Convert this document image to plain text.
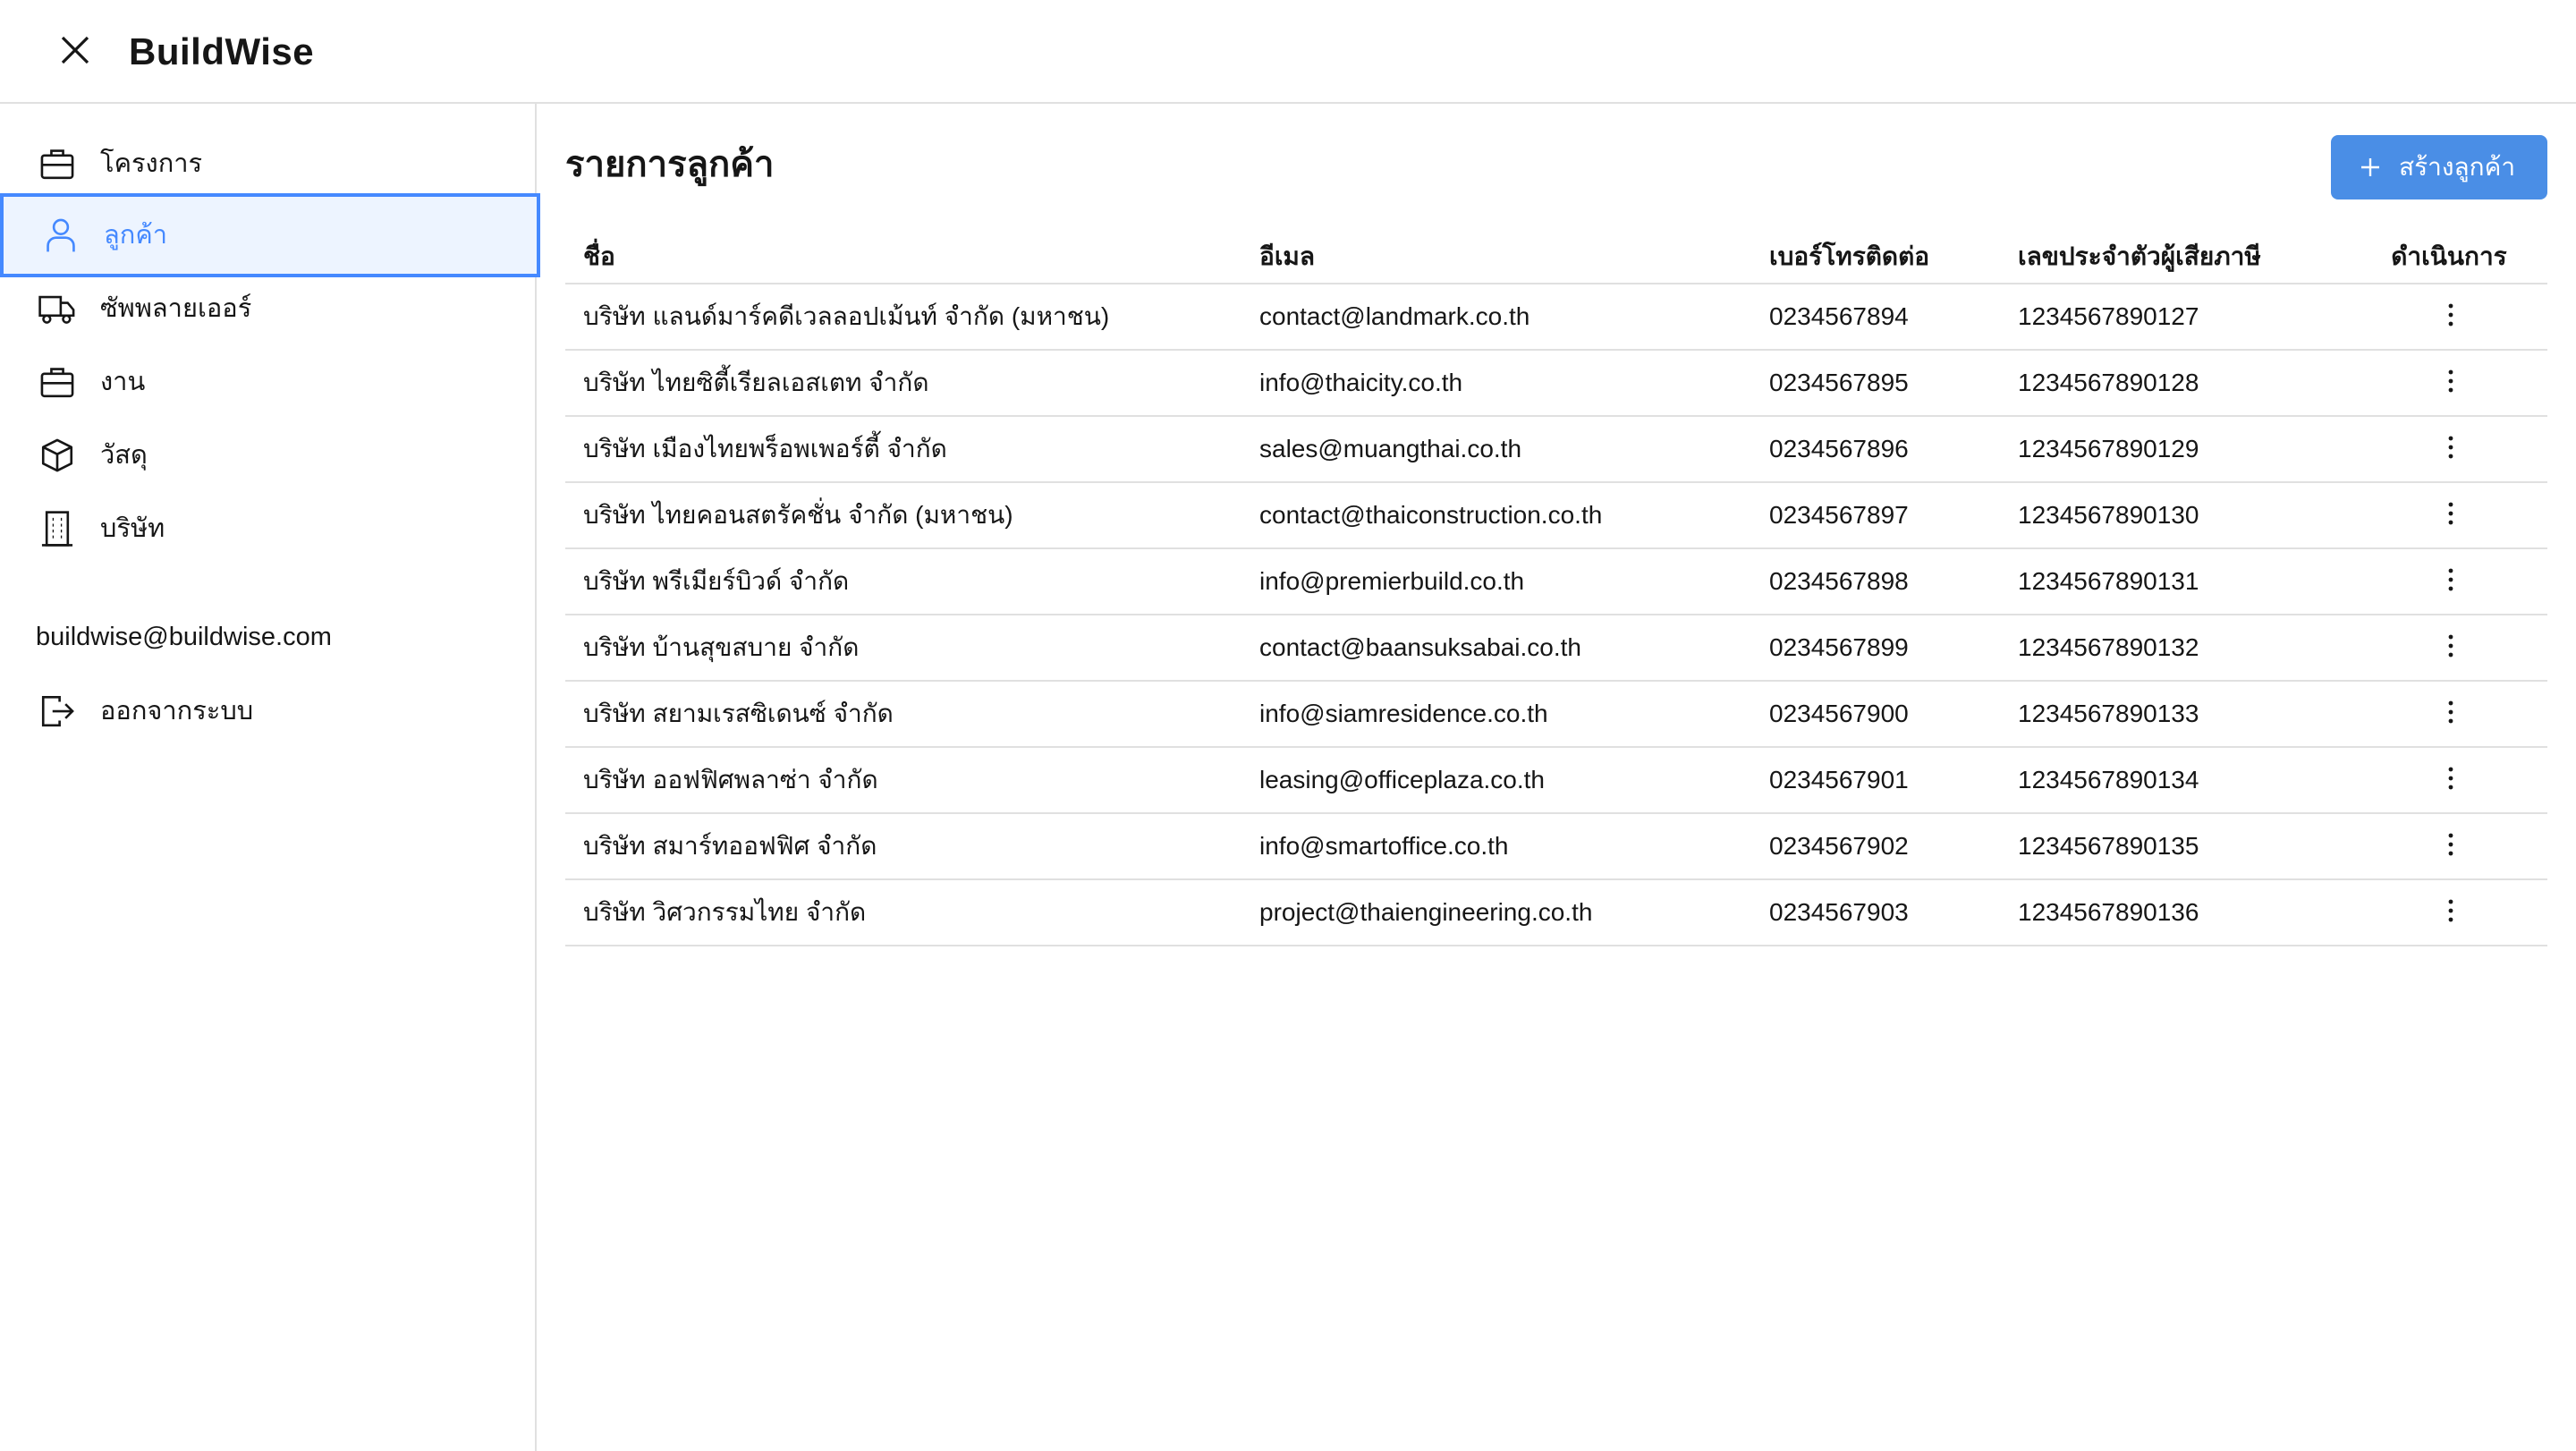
BuildWise
โครงการ
ลูกค้า
ซัพพลายเออร์
งาน
วัสดุ
บริษัท
buildwise@buildwise.com
ออกจากระบบ
รายการลูกค้า	สร้างลูกค้า
ชื่อ	อีเมล	เบอร์โทรติดต่อ	เลขประจำตัวผู้เสียภาษี	ดำเนินการ
บริษัท แลนด์มาร์คดีเวลลอปเม้นท์ จำกัด (มหาชน)	contact@landmark.co.th	0234567894	1234567890127
บริษัท ไทยซิตี้เรียลเอสเตท จำกัด	info@thaicity.co.th	0234567895	1234567890128
บริษัท เมืองไทยพร็อพเพอร์ตี้ จำกัด	sales@muangthai.co.th	0234567896	1234567890129
บริษัท ไทยคอนสตรัคชั่น จำกัด (มหาชน)	contact@thaiconstruction.co.th	0234567897	1234567890130
บริษัท พรีเมียร์บิวด์ จำกัด	info@premierbuild.co.th	0234567898	1234567890131
บริษัท บ้านสุขสบาย จำกัด	contact@baansuksabai.co.th	0234567899	1234567890132
บริษัท สยามเรสซิเดนซ์ จำกัด	info@siamresidence.co.th	0234567900	1234567890133
บริษัท ออฟฟิศพลาซ่า จำกัด	leasing@officeplaza.co.th	0234567901	1234567890134
บริษัท สมาร์ทออฟฟิศ จำกัด	info@smartoffice.co.th	0234567902	1234567890135
บริษัท วิศวกรรมไทย จำกัด	project@thaiengineering.co.th	0234567903	1234567890136
